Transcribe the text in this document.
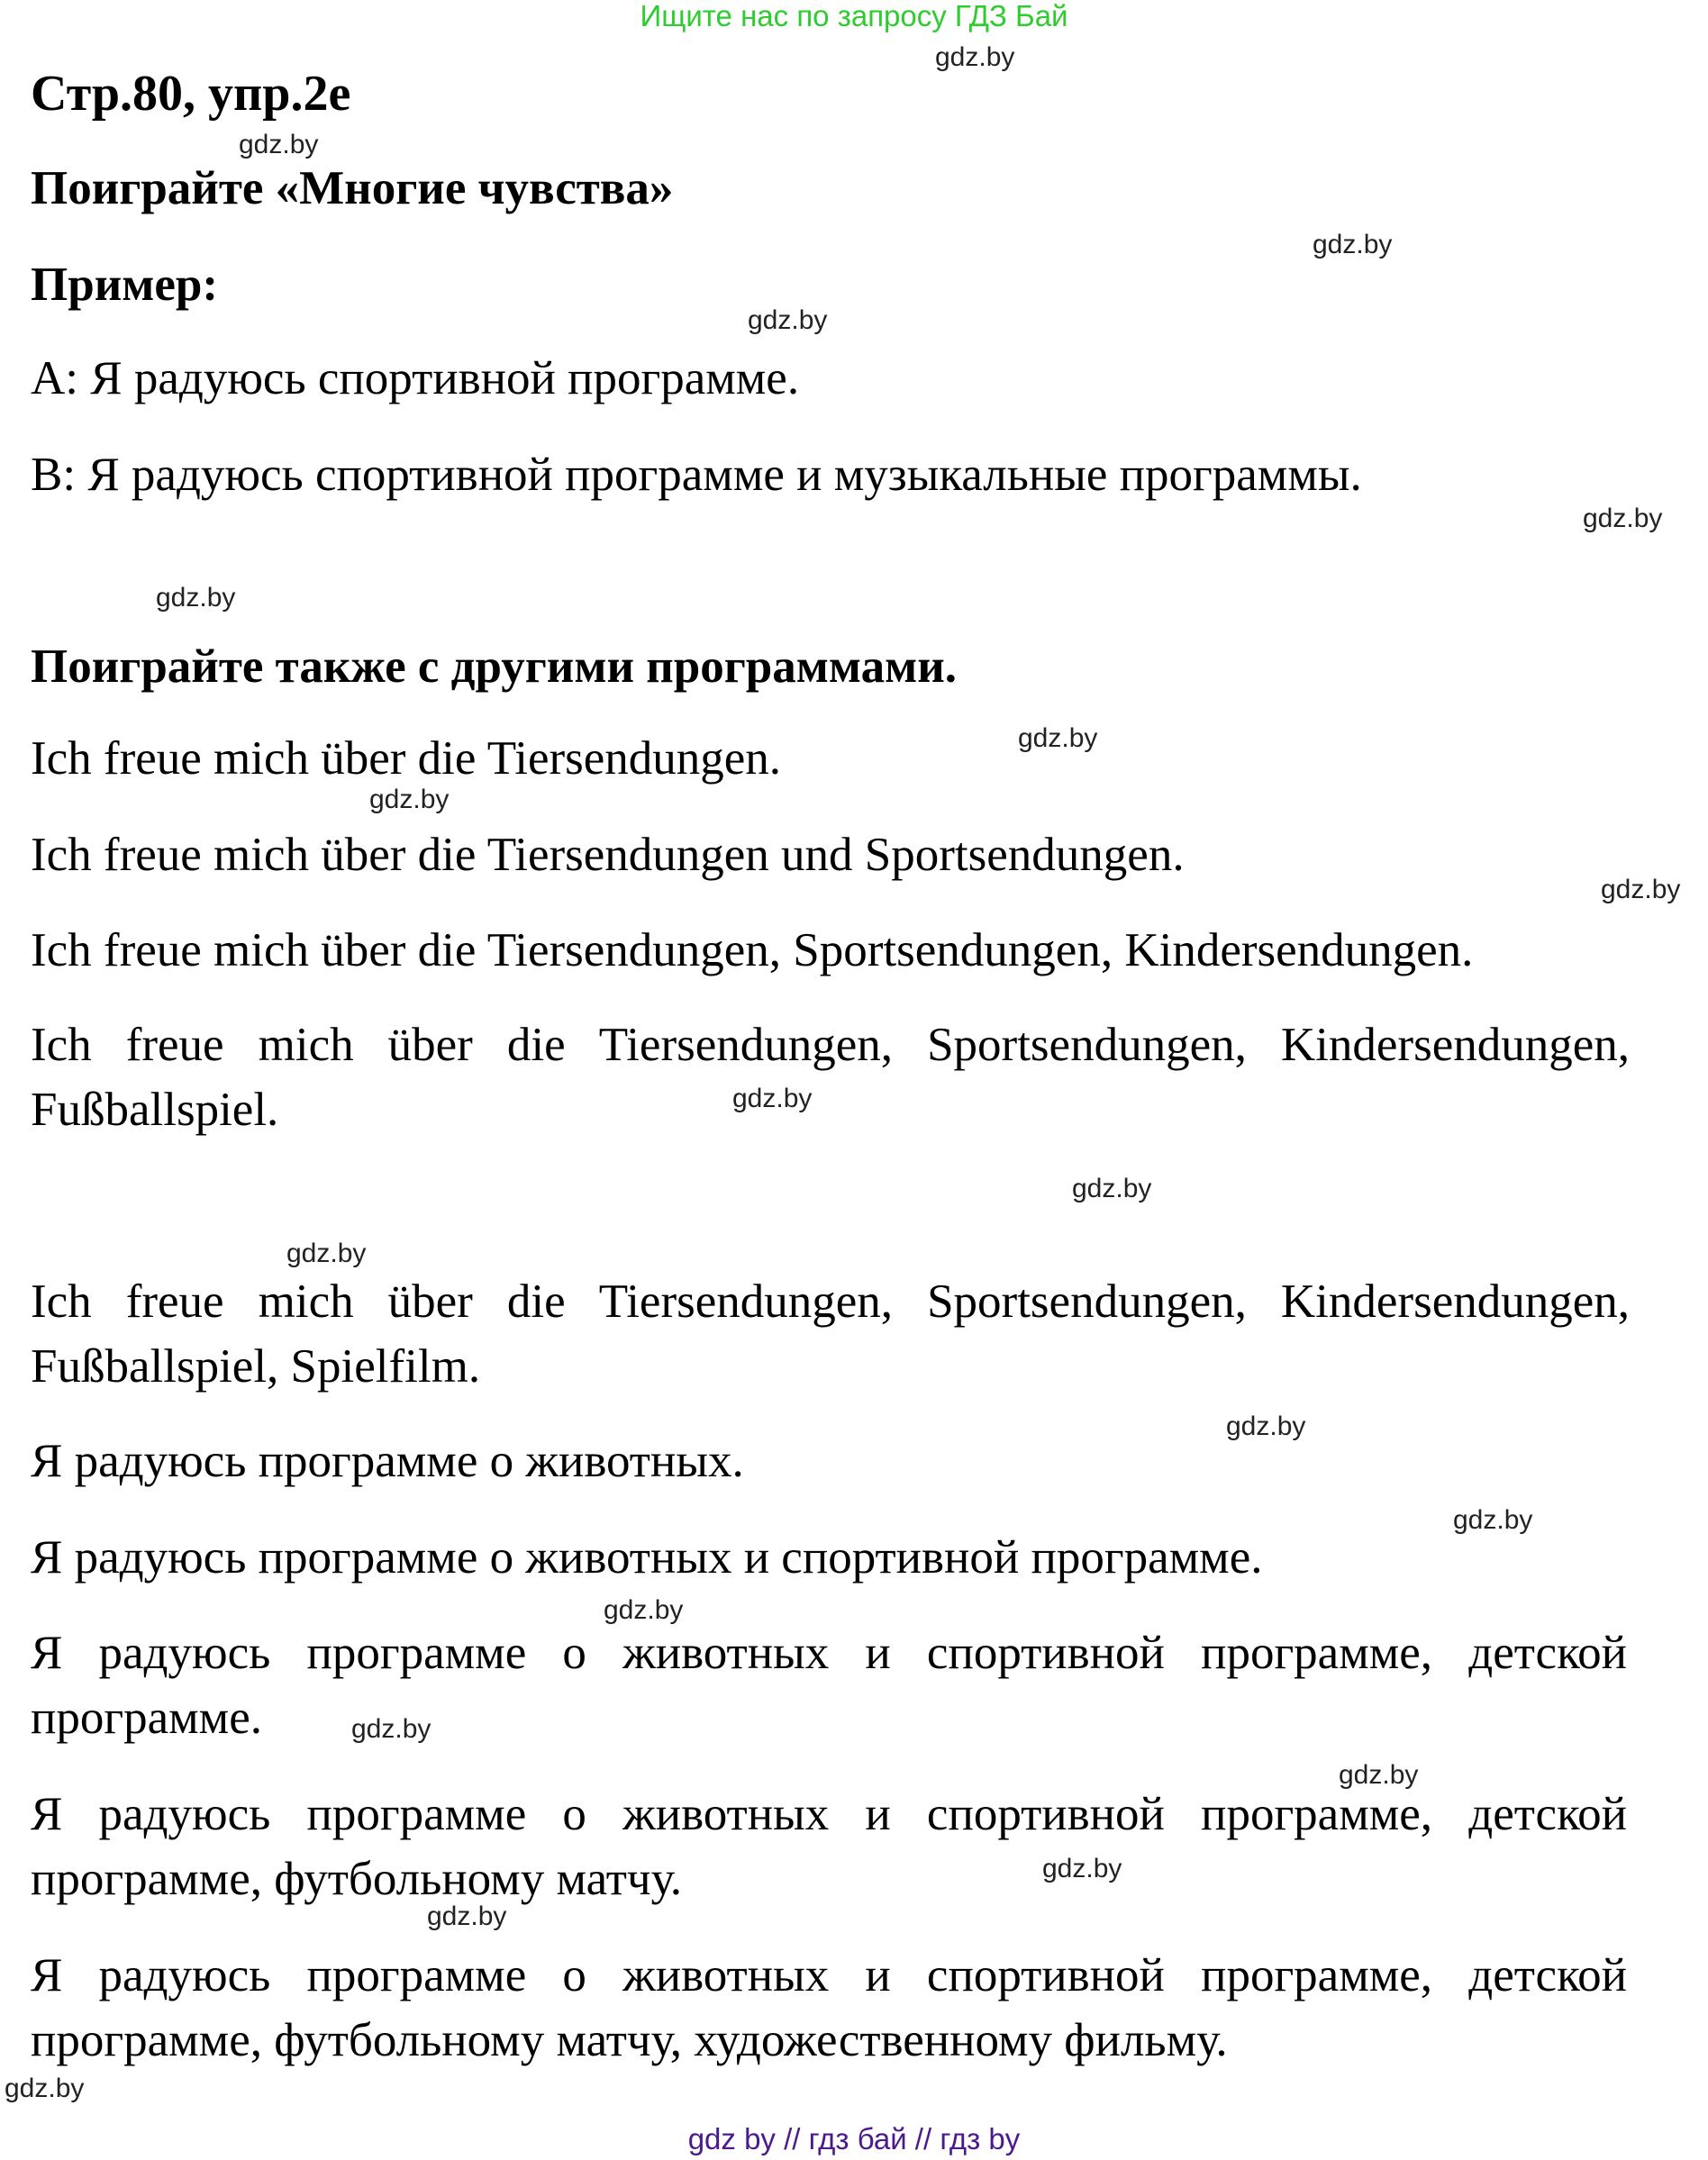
Ищите нас по запросу ГДЗ Бай
Стр.80, упр.2е
Поиграйте «Многие чувства»
Пример:
A: Я радуюсь спортивной программе.
B: Я радуюсь спортивной программе и музыкальные программы.
Поиграйте также с другими программами.
Ich freue mich über die Tiersendungen.
Ich freue mich über die Tiersendungen und Sportsendungen.
Ich freue mich über die Tiersendungen, Sportsendungen, Kindersendungen.
Ich freue mich über die Tiersendungen, Sportsendungen, Kindersendungen, Fußballspiel.
Ich freue mich über die Tiersendungen, Sportsendungen, Kindersendungen, Fußballspiel, Spielfilm.
Я радуюсь программе о животных.
Я радуюсь программе о животных и спортивной программе.
Я радуюсь программе о животных и спортивной программе, детской программе.
Я радуюсь программе о животных и спортивной программе, детской программе, футбольному матчу.
Я радуюсь программе о животных и спортивной программе, детской программе, футбольному матчу, художественному фильму.
gdz.by
gdz.by
gdz.by
gdz.by
gdz.by
gdz.by
gdz.by
gdz.by
gdz.by
gdz.by
gdz.by
gdz.by
gdz.by
gdz.by
gdz.by
gdz.by
gdz.by
gdz.by
gdz.by
gdz.by
gdz by // гдз бай // гдз by
